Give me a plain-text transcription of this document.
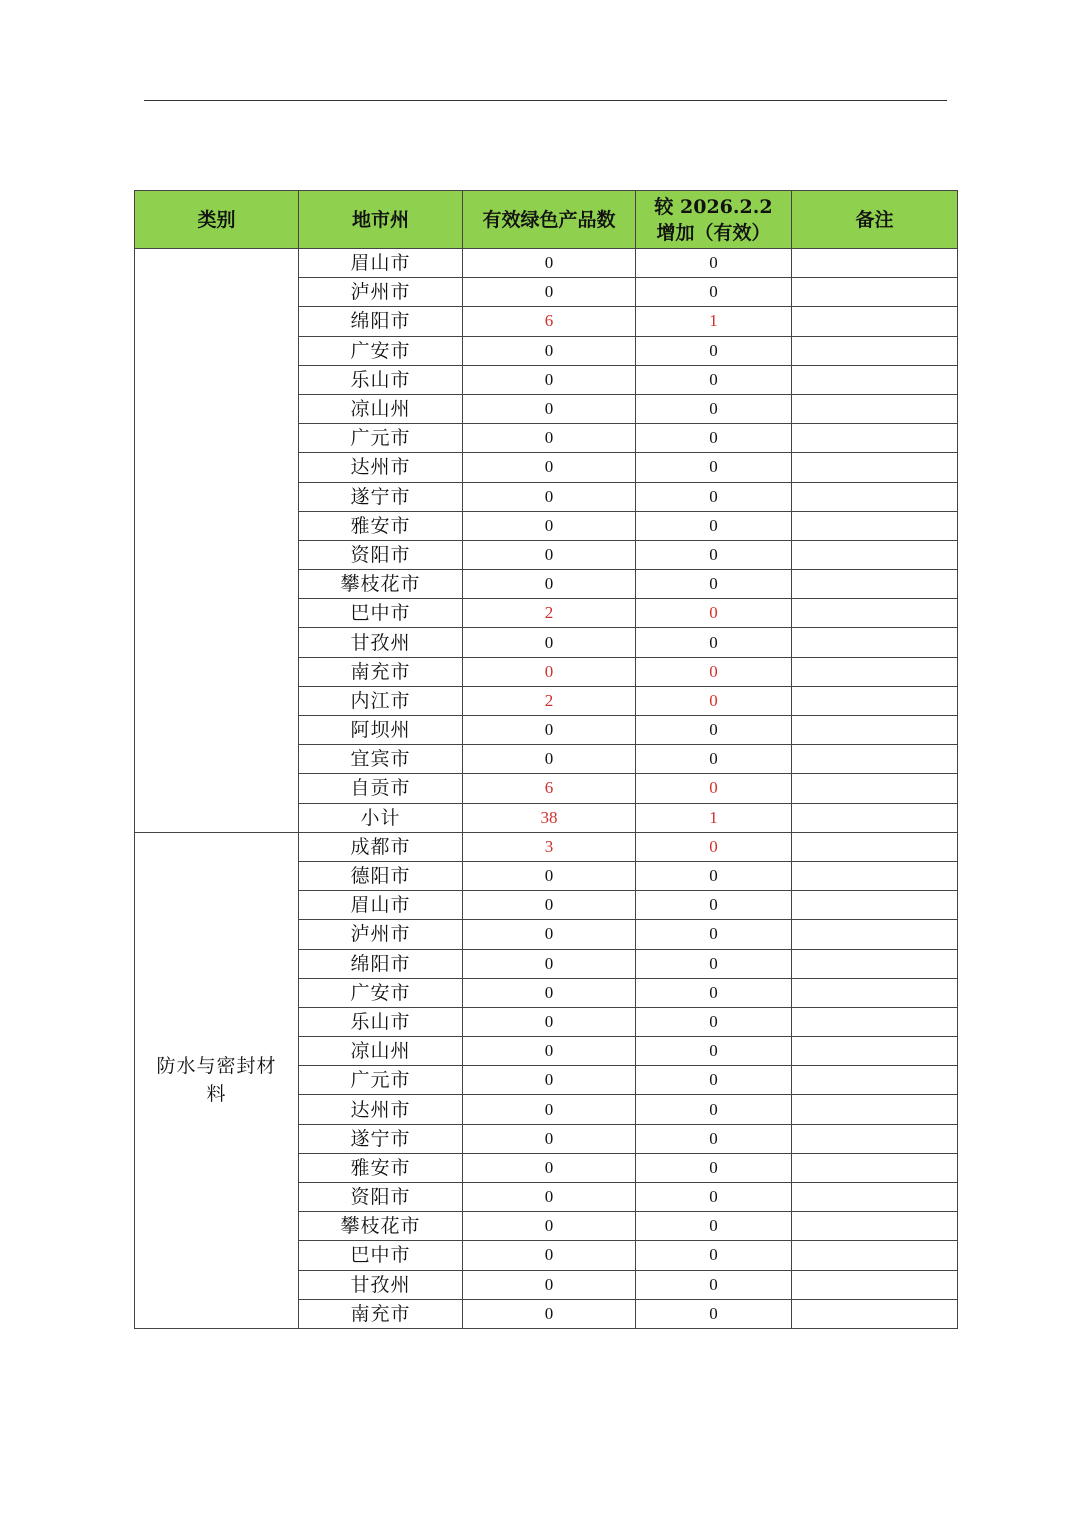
类别	地市州	有效绿色产品数	较 2026.2.2 增加（有效）	备注
	眉山市	0	0	
	泸州市	0	0	
	绵阳市	6	1	
	广安市	0	0	
	乐山市	0	0	
	凉山州	0	0	
	广元市	0	0	
	达州市	0	0	
	遂宁市	0	0	
	雅安市	0	0	
	资阳市	0	0	
	攀枝花市	0	0	
	巴中市	2	0	
	甘孜州	0	0	
	南充市	0	0	
	内江市	2	0	
	阿坝州	0	0	
	宜宾市	0	0	
	自贡市	6	0	
	小计	38	1	
防水与密封材料	成都市	3	0	
	德阳市	0	0	
	眉山市	0	0	
	泸州市	0	0	
	绵阳市	0	0	
	广安市	0	0	
	乐山市	0	0	
	凉山州	0	0	
	广元市	0	0	
	达州市	0	0	
	遂宁市	0	0	
	雅安市	0	0	
	资阳市	0	0	
	攀枝花市	0	0	
	巴中市	0	0	
	甘孜州	0	0	
	南充市	0	0	
